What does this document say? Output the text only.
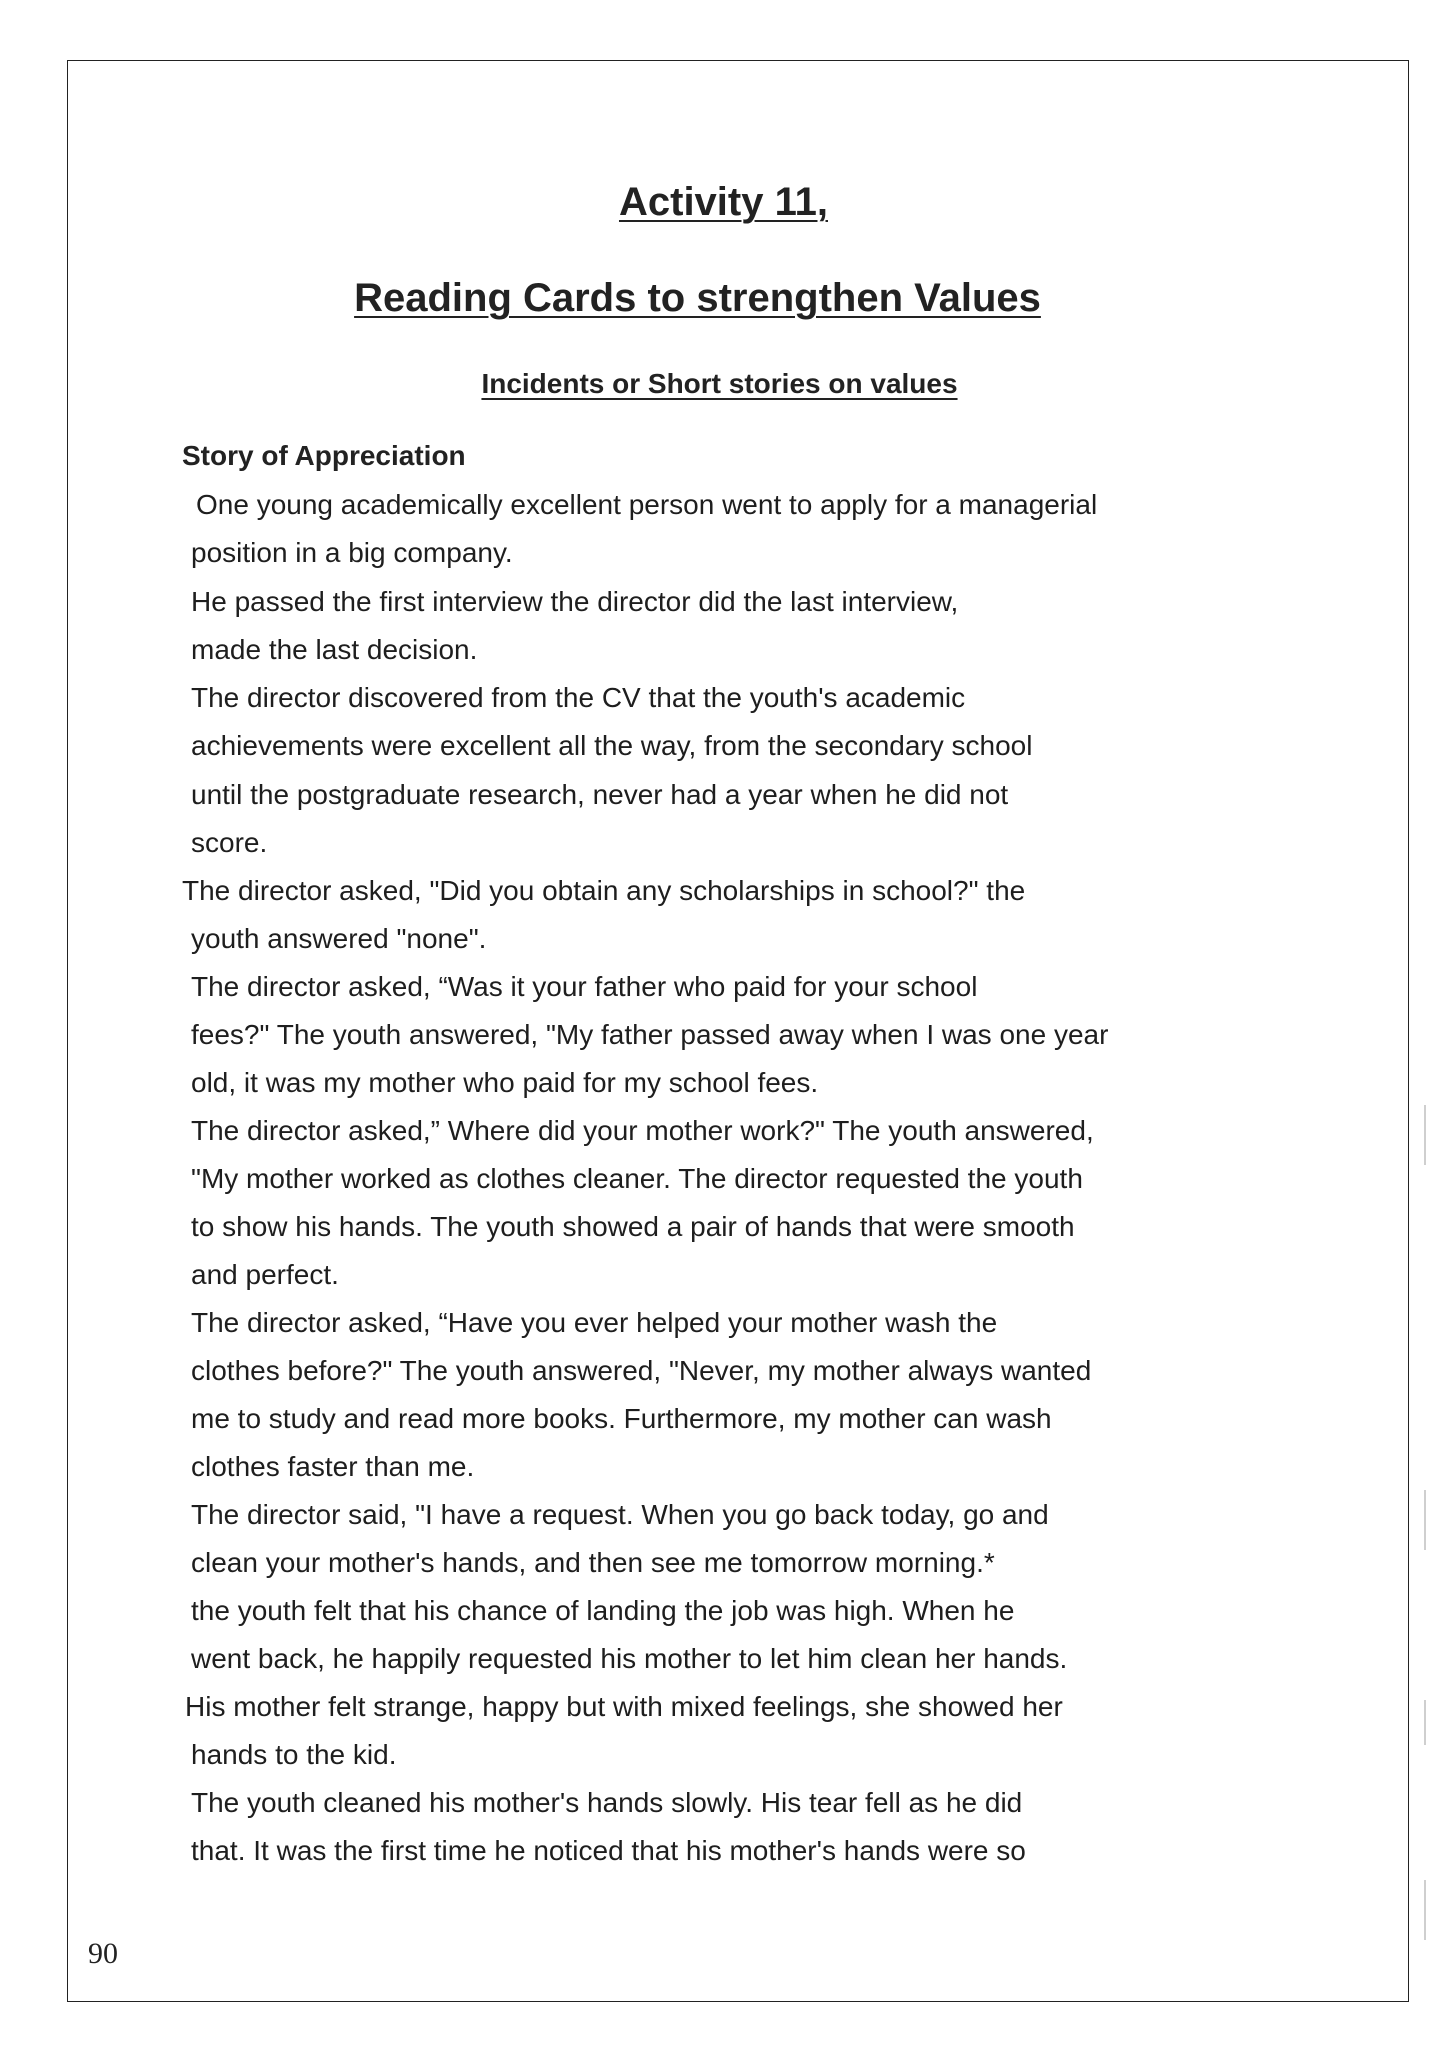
Activity 11,
Reading Cards to strengthen Values
Incidents or Short stories on values
Story of Appreciation
One young academically excellent person went to apply for a managerial
position in a big company.
He passed the first interview the director did the last interview,
made the last decision.
The director discovered from the CV that the youth's academic
achievements were excellent all the way, from the secondary school
until the postgraduate research, never had a year when he did not
score.
The director asked, "Did you obtain any scholarships in school?" the
youth answered "none".
The director asked, “Was it your father who paid for your school
fees?" The youth answered, "My father passed away when I was one year
old, it was my mother who paid for my school fees.
The director asked,” Where did your mother work?" The youth answered,
"My mother worked as clothes cleaner. The director requested the youth
to show his hands. The youth showed a pair of hands that were smooth
and perfect.
The director asked, “Have you ever helped your mother wash the
clothes before?" The youth answered, "Never, my mother always wanted
me to study and read more books. Furthermore, my mother can wash
clothes faster than me.
The director said, "I have a request. When you go back today, go and
clean your mother's hands, and then see me tomorrow morning.*
the youth felt that his chance of landing the job was high. When he
went back, he happily requested his mother to let him clean her hands.
His mother felt strange, happy but with mixed feelings, she showed her
hands to the kid.
The youth cleaned his mother's hands slowly. His tear fell as he did
that. It was the first time he noticed that his mother's hands were so
90
